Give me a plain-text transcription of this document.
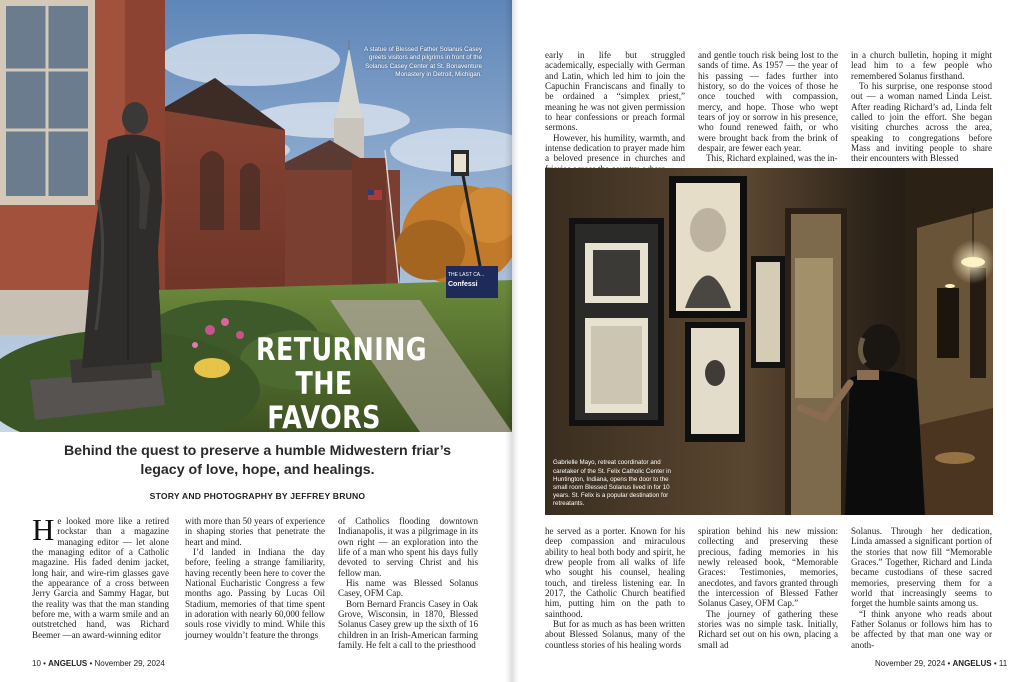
THE LAST CA...
Confessi
A statue of Blessed Father Solanus Casey greets visitors and pilgrims in front of the Solanus Casey Center at St. Bonaventure Monastery in Detroit, Michigan.
RETURNING
THE FAVORS
Behind the quest to preserve a humble Midwestern friar’s legacy of love, hope, and healings.
STORY AND PHOTOGRAPHY BY JEFFREY BRUNO

He looked more like a retired rockstar than a magazine managing editor — let alone the managing editor of a Catholic magazine. His faded denim jacket, long hair, and wire-rim glasses gave the appearance of a cross between Jerry Garcia and Sammy Hagar, but the reality was that the man standing before me, with a warm smile and an outstretched hand, was Richard Beemer —an award-winning editor

with more than 50 years of experience in shaping stories that penetrate the heart and mind.

I’d landed in Indiana the day before, feeling a strange familiarity, having recently been here to cover the National Eucharistic Congress a few months ago. Passing by Lucas Oil Stadium, memories of that time spent in adoration with nearly 60,000 fellow souls rose vividly to mind. While this journey wouldn’t feature the throngs

of Catholics flooding downtown Indianapolis, it was a pilgrimage in its own right — an exploration into the life of a man who spent his days fully devoted to serving Christ and his fellow man.

His name was Blessed Solanus Casey, OFM Cap.

Born Bernard Francis Casey in Oak Grove, Wisconsin, in 1870, Blessed Solanus Casey grew up the sixth of 16 children in an Irish-American farming family. He felt a call to the priesthood

10 • ANGELUS • November 29, 2024

early in life but struggled academically, especially with German and Latin, which led him to join the Capuchin Franciscans and finally to be ordained a “simplex priest,” meaning he was not given permission to hear confessions or preach formal sermons.

However, his humility, warmth, and intense dedication to prayer made him a beloved presence in churches and

and gentle touch risk being lost to the sands of time. As 1957 — the year of his passing — fades further into history, so do the voices of those he once touched with compassion, mercy, and hope. Those who wept tears of joy or sorrow in his presence, who found renewed faith, or who were brought back from the brink of despair, are fewer each year.

This, Richard explained, was the in-

in a church bulletin, hoping it might lead him to a few people who remembered Solanus firsthand.

To his surprise, one response stood out — a woman named Linda Leist. After reading Richard’s ad, Linda felt called to join the effort. She began visiting churches across the area, speaking to congregations before Mass and inviting people to share their encounters with Blessed

he served as a porter. Known for his deep compassion and miraculous ability to heal both body and spirit, he drew people from all walks of life who sought his counsel, healing touch, and tireless listening ear. In 2017, the Catholic Church beatified him, putting him on the path to sainthood.

But for as much as has been written about Blessed Solanus, many of the countless stories of his healing words

spiration behind his new mission: collecting and preserving these precious, fading memories in his newly released book, “Memorable Graces: Testimonies, memories, anecdotes, and favors granted through the intercession of Blessed Father Solanus Casey, OFM Cap.”

The journey of gathering these stories was no simple task. Initially, Richard set out on his own, placing a small ad

Solanus. Through her dedication, Linda amassed a significant portion of the stories that now fill “Memorable Graces.” Together, Richard and Linda became custodians of these sacred memories, preserving them for a world that increasingly seems to forget the humble saints among us.

“I think anyone who reads about Father Solanus or follows him has to be affected by that man one way or anoth-

November 29, 2024 • ANGELUS • 11
Gabrielle Mayo, retreat coordinator and caretaker of the St. Felix Catholic Center in Huntington, Indiana, opens the door to the small room Blessed Solanus lived in for 10 years. St. Felix is a popular destination for retreatants.
